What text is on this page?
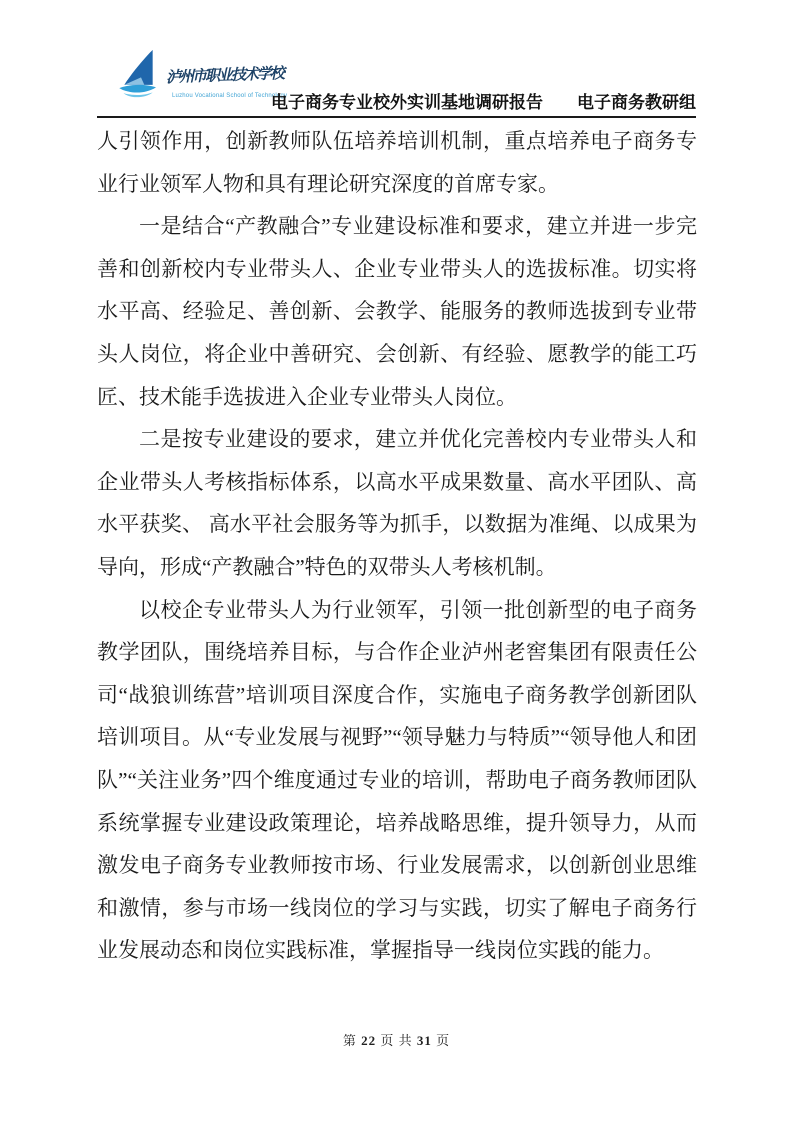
泸州市职业技术学校
Luzhou Vocational School of Technology
电子商务专业校外实训基地调研报告 电子商务教研组

人引领作用，创新教师队伍培养培训机制，重点培养电子商务专业行业领军人物和具有理论研究深度的首席专家。

一是结合“产教融合”专业建设标准和要求，建立并进一步完善和创新校内专业带头人、企业专业带头人的选拔标准。切实将水平高、经验足、善创新、会教学、能服务的教师选拔到专业带头人岗位，将企业中善研究、会创新、有经验、愿教学的能工巧匠、技术能手选拔进入企业专业带头人岗位。

二是按专业建设的要求，建立并优化完善校内专业带头人和企业带头人考核指标体系，以高水平成果数量、高水平团队、高水平获奖、 高水平社会服务等为抓手，以数据为准绳、以成果为导向，形成“产教融合”特色的双带头人考核机制。

以校企专业带头人为行业领军，引领一批创新型的电子商务教学团队，围绕培养目标，与合作企业泸州老窖集团有限责任公司“战狼训练营”培训项目深度合作，实施电子商务教学创新团队培训项目。从“专业发展与视野”“领导魅力与特质”“领导他人和团队”“关注业务”四个维度通过专业的培训，帮助电子商务教师团队系统掌握专业建设政策理论，培养战略思维，提升领导力，从而激发电子商务专业教师按市场、行业发展需求，以创新创业思维和激情，参与市场一线岗位的学习与实践，切实了解电子商务行业发展动态和岗位实践标准，掌握指导一线岗位实践的能力。

第 22 页 共 31 页
